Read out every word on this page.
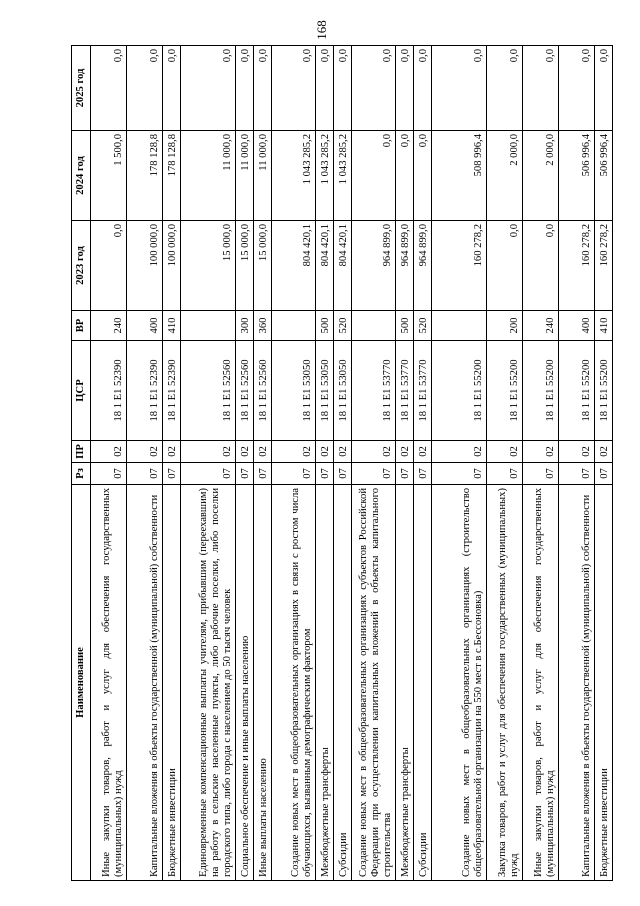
168
Наименование	Рз	ПР	ЦСР	ВР	2023 год	2024 год	2025 год
Иные закупки товаров, работ и услуг для обеспечения государственных (муниципальных) нужд	07	02	18 1 Е1 52390	240	0,0	1 500,0	0,0
Капитальные вложения в объекты государственной (муниципальной) собственности	07	02	18 1 Е1 52390	400	100 000,0	178 128,8	0,0
Бюджетные инвестиции	07	02	18 1 Е1 52390	410	100 000,0	178 128,8	0,0
Единовременные компенсационные выплаты учителям, прибывшим (переехавшим) на работу в сельские населенные пункты, либо рабочие поселки, либо поселки городского типа, либо города с населением до 50 тысяч человек	07	02	18 1 Е1 52560		15 000,0	11 000,0	0,0
Социальное обеспечение и иные выплаты населению	07	02	18 1 Е1 52560	300	15 000,0	11 000,0	0,0
Иные выплаты населению	07	02	18 1 Е1 52560	360	15 000,0	11 000,0	0,0
Создание новых мест в общеобразовательных организациях в связи с ростом числа обучающихся, вызванным демографическим фактором	07	02	18 1 Е1 53050		804 420,1	1 043 285,2	0,0
Межбюджетные трансферты	07	02	18 1 Е1 53050	500	804 420,1	1 043 285,2	0,0
Субсидии	07	02	18 1 Е1 53050	520	804 420,1	1 043 285,2	0,0
Создание новых мест в общеобразовательных организациях субъектов Российской Федерации при осуществлении капитальных вложений в объекты капитального строительства	07	02	18 1 Е1 53770		964 899,0	0,0	0,0
Межбюджетные трансферты	07	02	18 1 Е1 53770	500	964 899,0	0,0	0,0
Субсидии	07	02	18 1 Е1 53770	520	964 899,0	0,0	0,0
Создание новых мест в общеобразовательных организациях (строительство общеобразовательной организации на 550 мест в с.Бессоновка)	07	02	18 1 Е1 55200		160 278,2	508 996,4	0,0
Закупка товаров, работ и услуг для обеспечения государственных (муниципальных) нужд	07	02	18 1 Е1 55200	200	0,0	2 000,0	0,0
Иные закупки товаров, работ и услуг для обеспечения государственных (муниципальных) нужд	07	02	18 1 Е1 55200	240	0,0	2 000,0	0,0
Капитальные вложения в объекты государственной (муниципальной) собственности	07	02	18 1 Е1 55200	400	160 278,2	506 996,4	0,0
Бюджетные инвестиции	07	02	18 1 Е1 55200	410	160 278,2	506 996,4	0,0
